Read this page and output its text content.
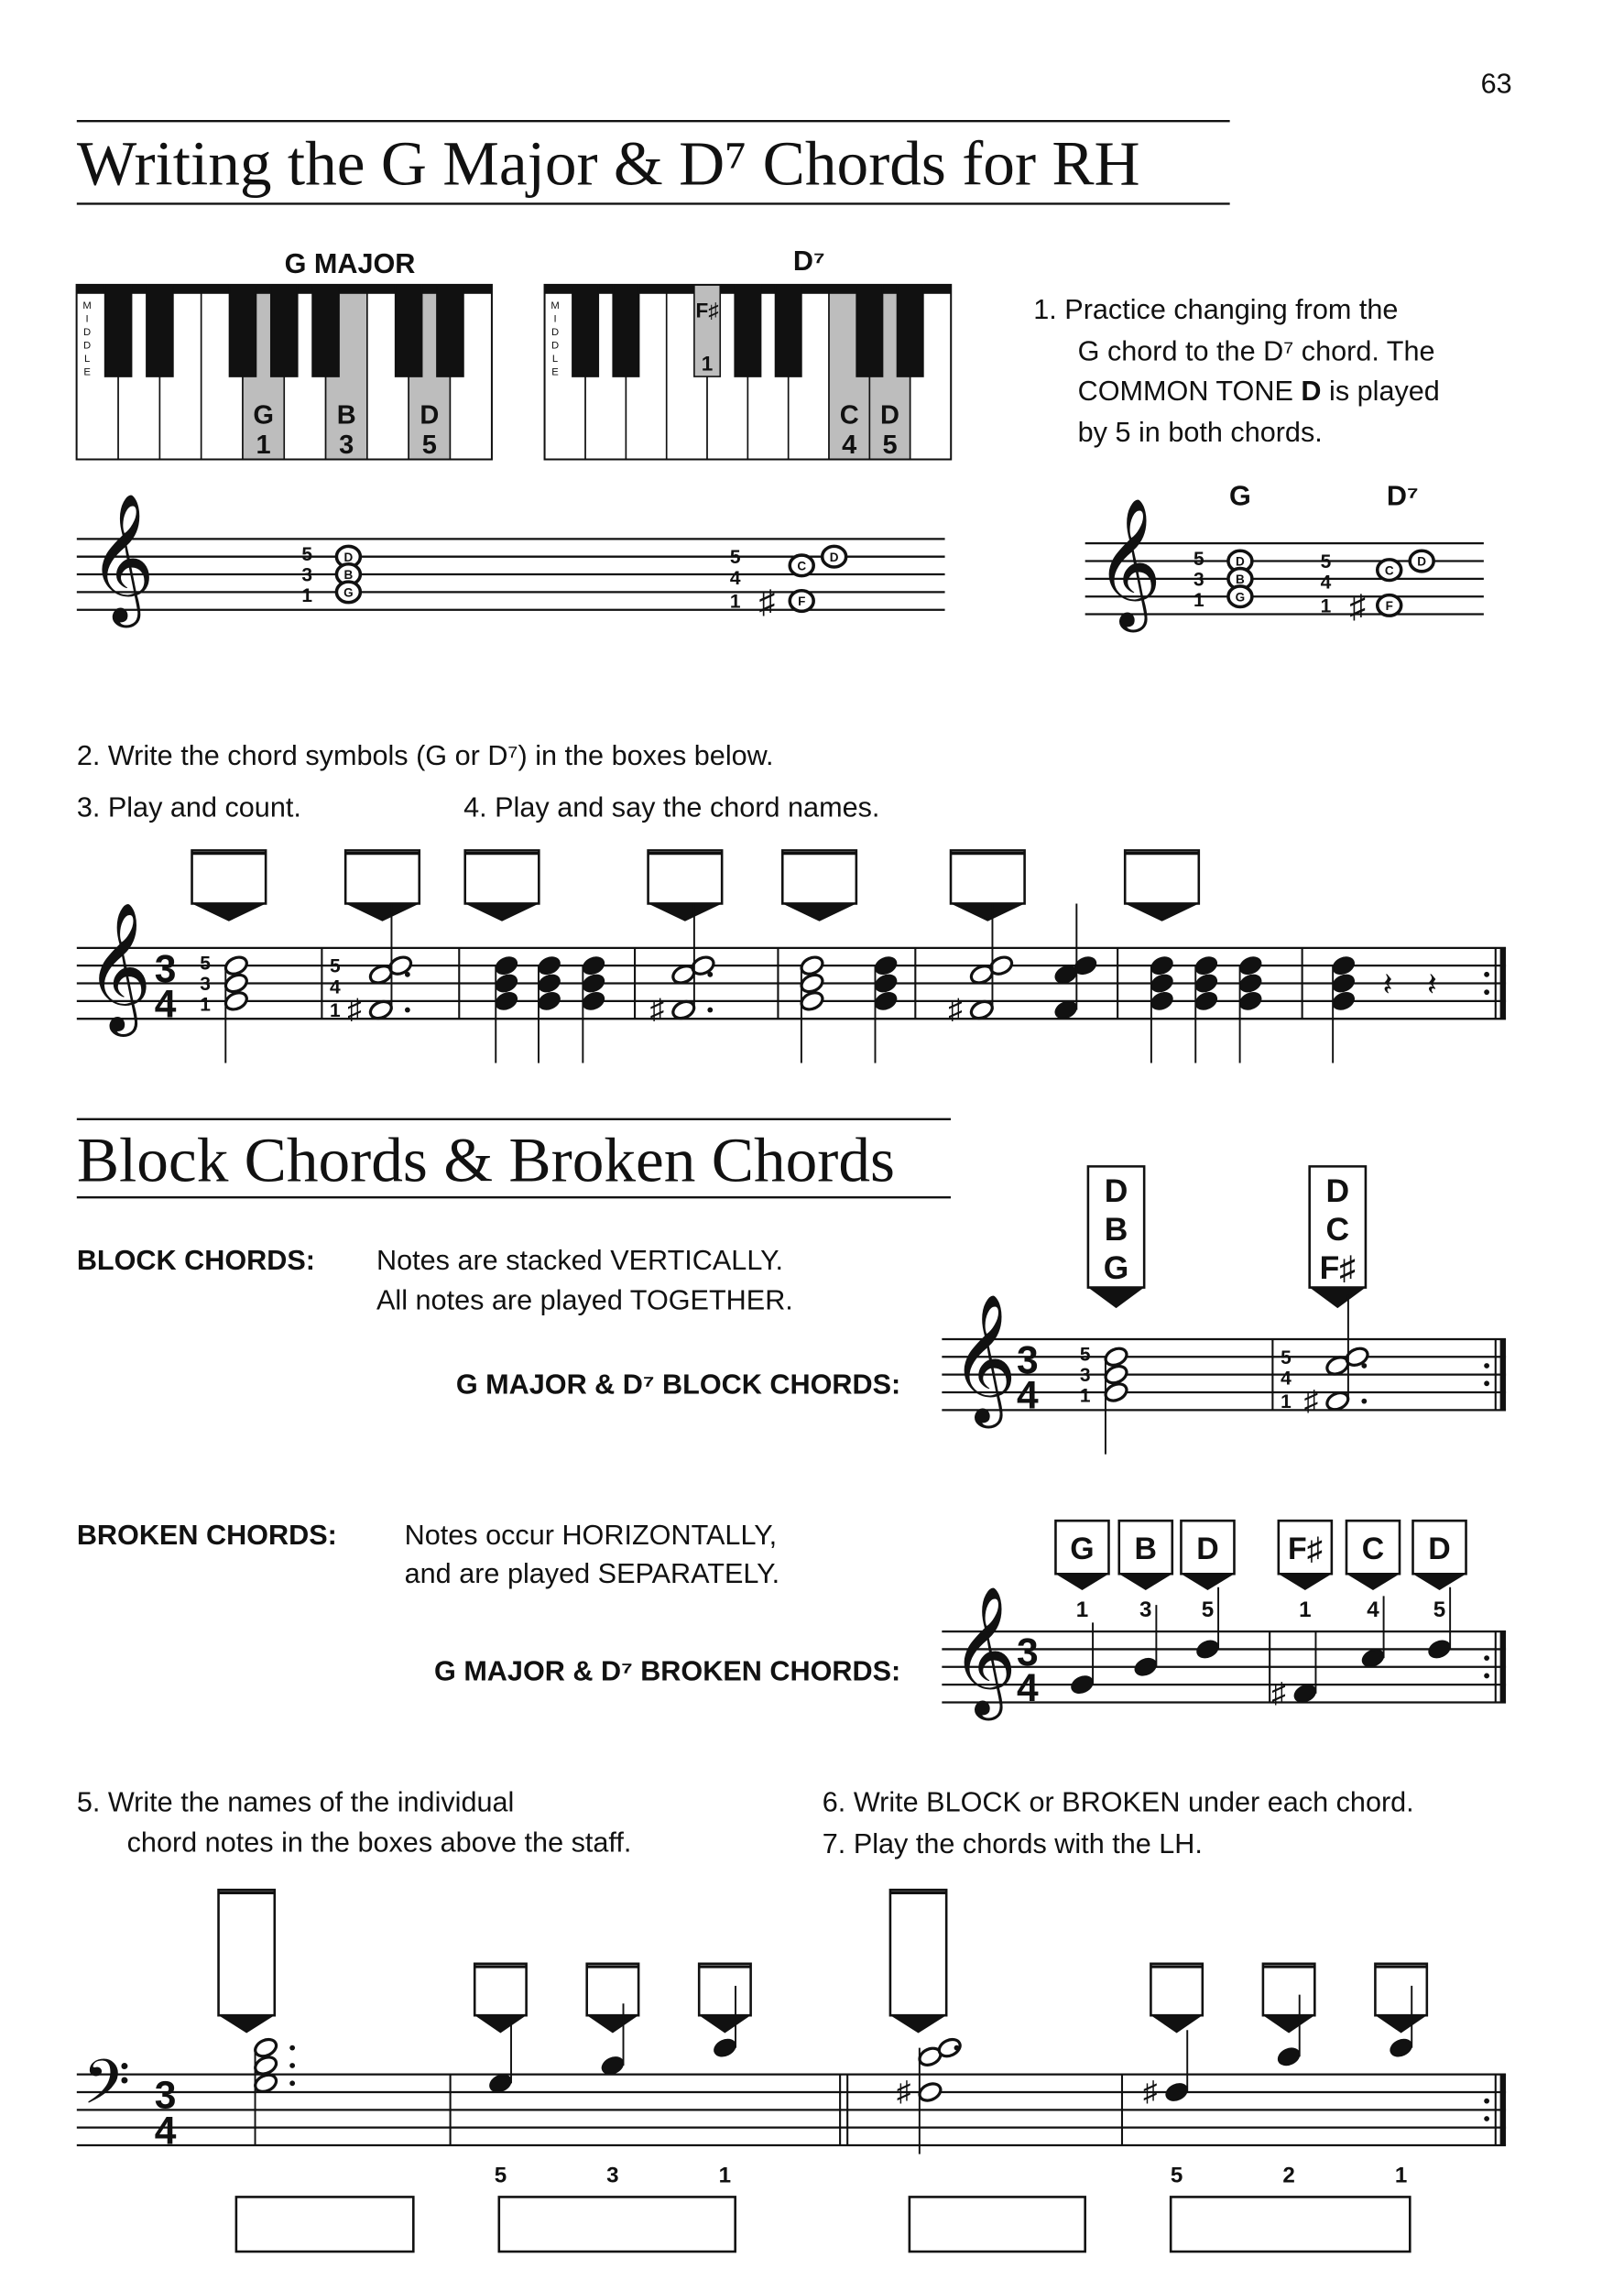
63
Writing the G Major & D⁷ Chords for RH
G MAJOR	D⁷
G
1
B
3
D
5
M I D D L E
C
4
D
5
F♯
1
M I D D L E
1. Practice changing from the
G chord to the D⁷ chord. The
COMMON TONE D is played
by 5 in both chords.
G	D⁷
𝄞	D
B
G
5
3
1
D
C
F
5
4
1 ♯	𝄞	D
B
G
5
3
1
D
C
F
5
4
1 ♯
2. Write the chord symbols (G or D⁷) in the boxes below.
3. Play and count.	4. Play and say the chord names.
𝄞 3
4
5
3
1
5
4
1 ♯	♯	♯
𝄽 𝄽
Block Chords & Broken Chords
BLOCK CHORDS:	Notes are stacked VERTICALLY.
All notes are played TOGETHER.
G MAJOR & D⁷ BLOCK CHORDS:
D
B
G
D
C
F♯
𝄞 3
4
5
3
1
5
4
1 ♯
BROKEN CHORDS:	Notes occur HORIZONTALLY,
and are played SEPARATELY.
G MAJOR & D⁷ BROKEN CHORDS:
G
1
B
3
D
5
F♯
1
C
4
D
5
𝄞 3
4	♯
5. Write the names of the individual
chord notes in the boxes above the staff.
6. Write BLOCK or BROKEN under each chord.
7. Play the chords with the LH.
𝄢 3
4
♯	♯
5	3	1	5	2	1
